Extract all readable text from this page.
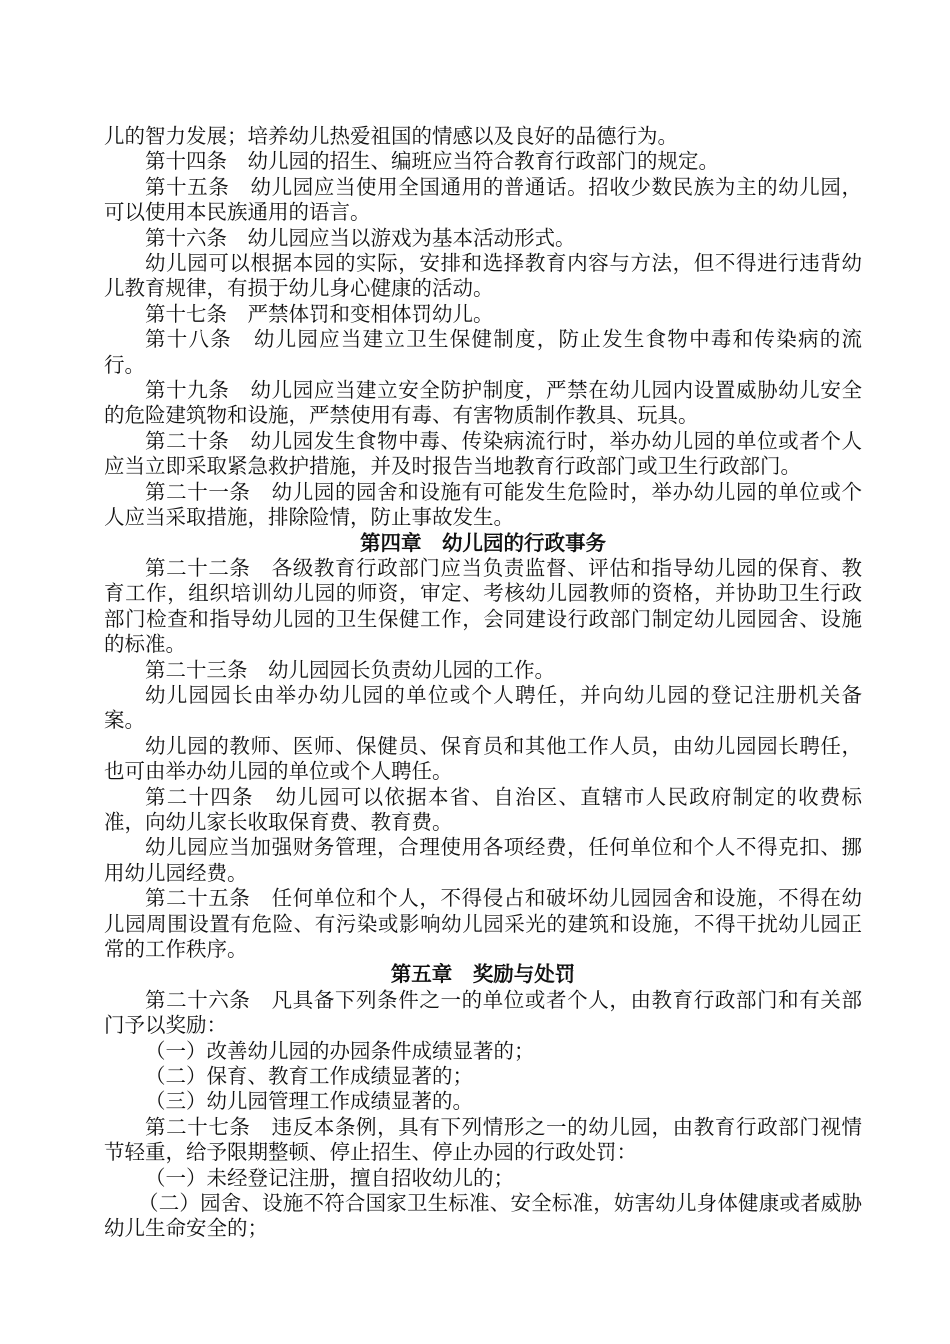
儿的智力发展；培养幼儿热爱祖国的情感以及良好的品德行为。

第十四条　幼儿园的招生、编班应当符合教育行政部门的规定。

第十五条　幼儿园应当使用全国通用的普通话。招收少数民族为主的幼儿园，可以使用本民族通用的语言。

第十六条　幼儿园应当以游戏为基本活动形式。

幼儿园可以根据本园的实际，安排和选择教育内容与方法，但不得进行违背幼儿教育规律，有损于幼儿身心健康的活动。

第十七条　严禁体罚和变相体罚幼儿。

第十八条　幼儿园应当建立卫生保健制度，防止发生食物中毒和传染病的流行。

第十九条　幼儿园应当建立安全防护制度，严禁在幼儿园内设置威胁幼儿安全的危险建筑物和设施，严禁使用有毒、有害物质制作教具、玩具。

第二十条　幼儿园发生食物中毒、传染病流行时，举办幼儿园的单位或者个人应当立即采取紧急救护措施，并及时报告当地教育行政部门或卫生行政部门。

第二十一条　幼儿园的园舍和设施有可能发生危险时，举办幼儿园的单位或个人应当采取措施，排除险情，防止事故发生。

第四章　幼儿园的行政事务

第二十二条　各级教育行政部门应当负责监督、评估和指导幼儿园的保育、教育工作，组织培训幼儿园的师资，审定、考核幼儿园教师的资格，并协助卫生行政部门检查和指导幼儿园的卫生保健工作，会同建设行政部门制定幼儿园园舍、设施的标准。

第二十三条　幼儿园园长负责幼儿园的工作。

幼儿园园长由举办幼儿园的单位或个人聘任，并向幼儿园的登记注册机关备案。

幼儿园的教师、医师、保健员、保育员和其他工作人员，由幼儿园园长聘任，也可由举办幼儿园的单位或个人聘任。

第二十四条　幼儿园可以依据本省、自治区、直辖市人民政府制定的收费标准，向幼儿家长收取保育费、教育费。

幼儿园应当加强财务管理，合理使用各项经费，任何单位和个人不得克扣、挪用幼儿园经费。

第二十五条　任何单位和个人，不得侵占和破坏幼儿园园舍和设施，不得在幼儿园周围设置有危险、有污染或影响幼儿园采光的建筑和设施，不得干扰幼儿园正常的工作秩序。

第五章　奖励与处罚

第二十六条　凡具备下列条件之一的单位或者个人，由教育行政部门和有关部门予以奖励：

（一）改善幼儿园的办园条件成绩显著的；

（二）保育、教育工作成绩显著的；

（三）幼儿园管理工作成绩显著的。

第二十七条　违反本条例，具有下列情形之一的幼儿园，由教育行政部门视情节轻重，给予限期整顿、停止招生、停止办园的行政处罚：

（一）未经登记注册，擅自招收幼儿的；

（二）园舍、设施不符合国家卫生标准、安全标准，妨害幼儿身体健康或者威胁幼儿生命安全的；
